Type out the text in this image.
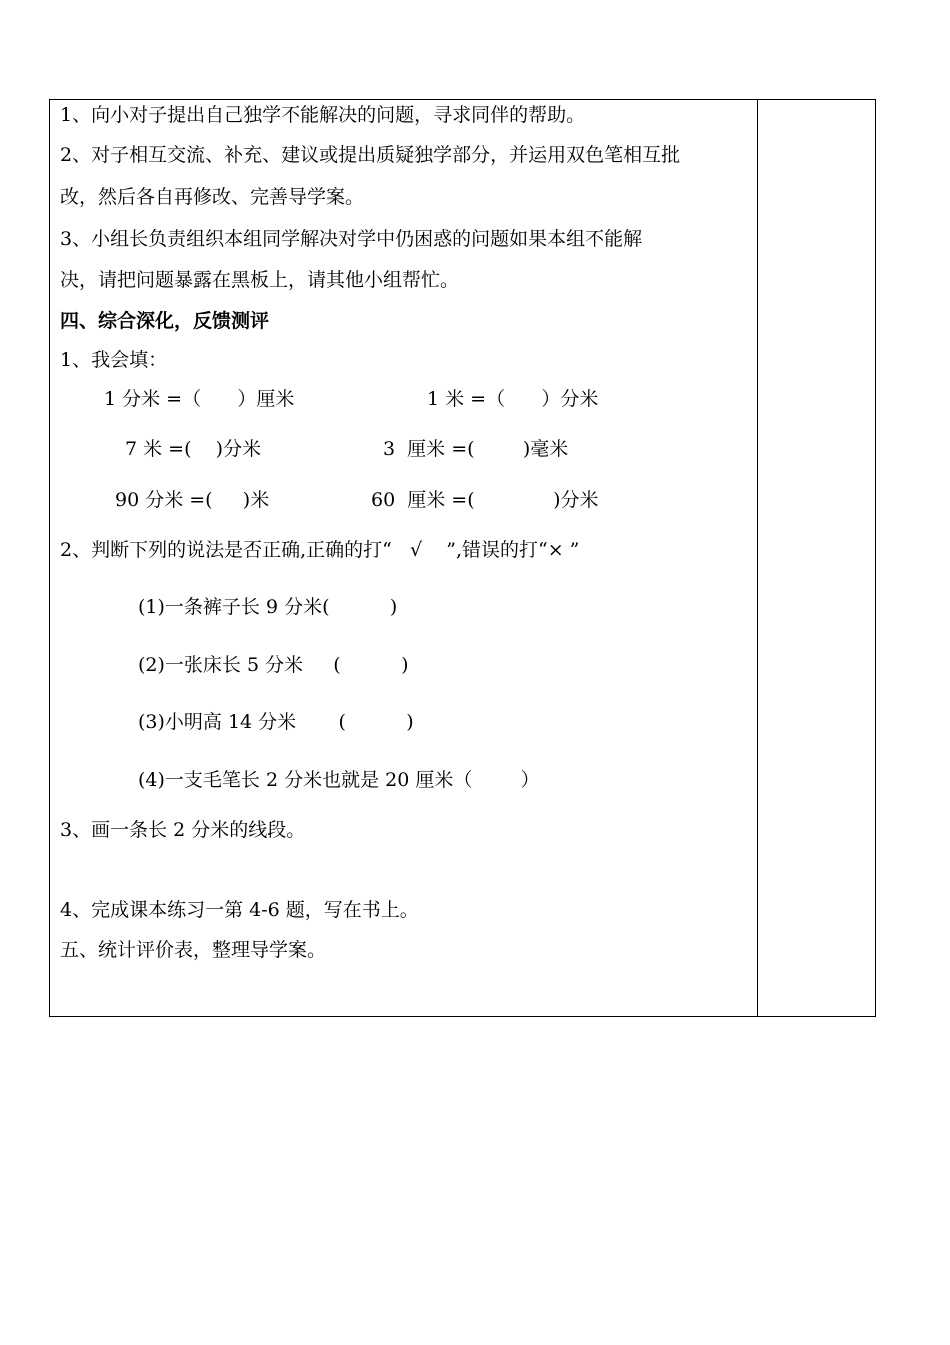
1、向小对子提出自己独学不能解决的问题，寻求同伴的帮助。
2、对子相互交流、补充、建议或提出质疑独学部分，并运用双色笔相互批
改，然后各自再修改、完善导学案。
3、小组长负责组织本组同学解决对学中仍困惑的问题如果本组不能解
决，请把问题暴露在黑板上，请其他小组帮忙。
四、综合深化，反馈测评
1、我会填：
1 分米 =（      ）厘米	1 米 =（      ）分米
7 米 =(    )分米	3  厘米 =(        )毫米
90 分米 =(     )米	60  厘米 =(             )分米
2、判断下列的说法是否正确,正确的打“   √    ”,错误的打“× ”
(1)一条裤子长 9 分米(          )
(2)一张床长 5 分米     (          )
(3)小明高 14 分米       (          )
(4)一支毛笔长 2 分米也就是 20 厘米（        ）
3、画一条长 2 分米的线段。
4、完成课本练习一第 4-6 题，写在书上。
五、统计评价表，整理导学案。
